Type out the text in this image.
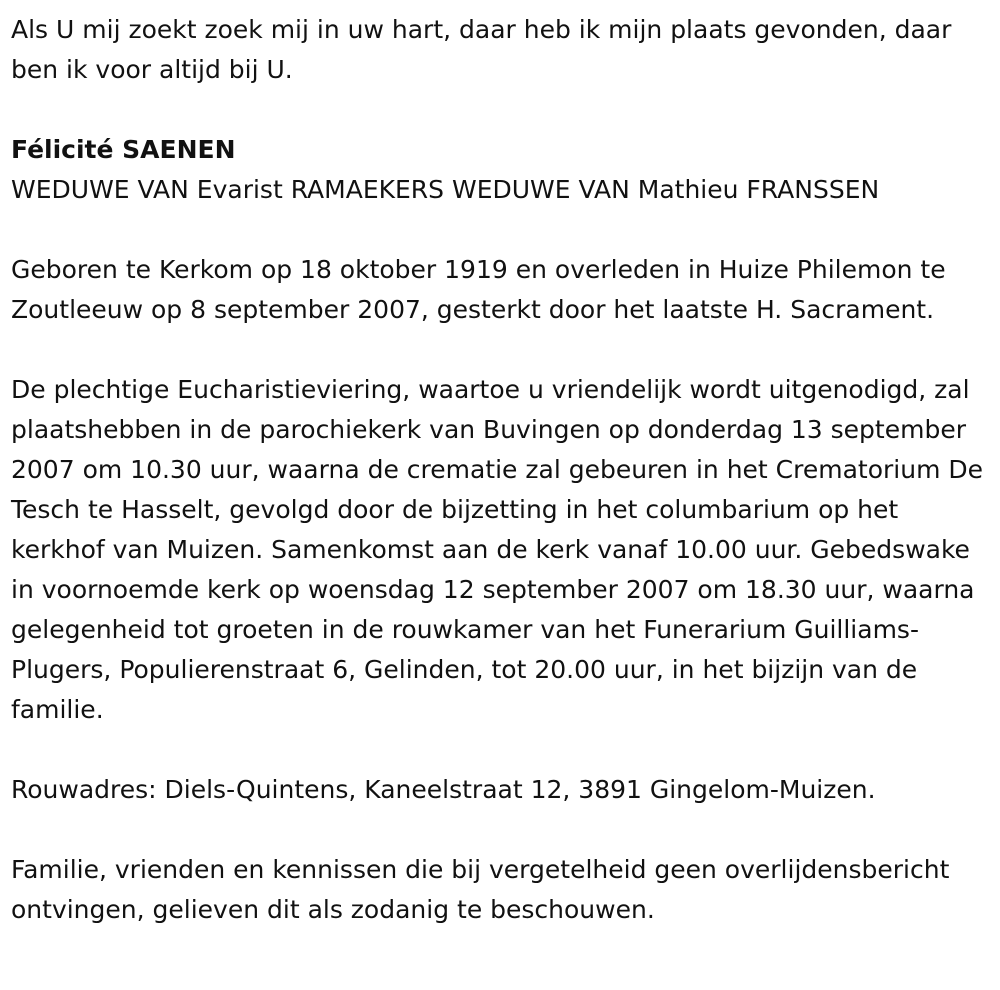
Als U mij zoekt zoek mij in uw hart, daar heb ik mijn plaats gevonden, daar ben ik voor altijd bij U.

Félicité SAENEN

WEDUWE VAN Evarist RAMAEKERS WEDUWE VAN Mathieu FRANSSEN

Geboren te Kerkom op 18 oktober 1919 en overleden in Huize Philemon te Zoutleeuw op 8 september 2007, gesterkt door het laatste H. Sacrament.

De plechtige Eucharistieviering, waartoe u vriendelijk wordt uitgenodigd, zal plaatshebben in de parochiekerk van Buvingen op donderdag 13 september 2007 om 10.30 uur, waarna de crematie zal gebeuren in het Crematorium De Tesch te Hasselt, gevolgd door de bijzetting in het columbarium op het kerkhof van Muizen. Samenkomst aan de kerk vanaf 10.00 uur. Gebedswake in voornoemde kerk op woensdag 12 september 2007 om 18.30 uur, waarna gelegenheid tot groeten in de rouwkamer van het Funerarium Guilliams-Plugers, Populierenstraat 6, Gelinden, tot 20.00 uur, in het bijzijn van de familie.

Rouwadres: Diels-Quintens, Kaneelstraat 12, 3891 Gingelom-Muizen.

Familie, vrienden en kennissen die bij vergetelheid geen overlijdensbericht ontvingen, gelieven dit als zodanig te beschouwen.
